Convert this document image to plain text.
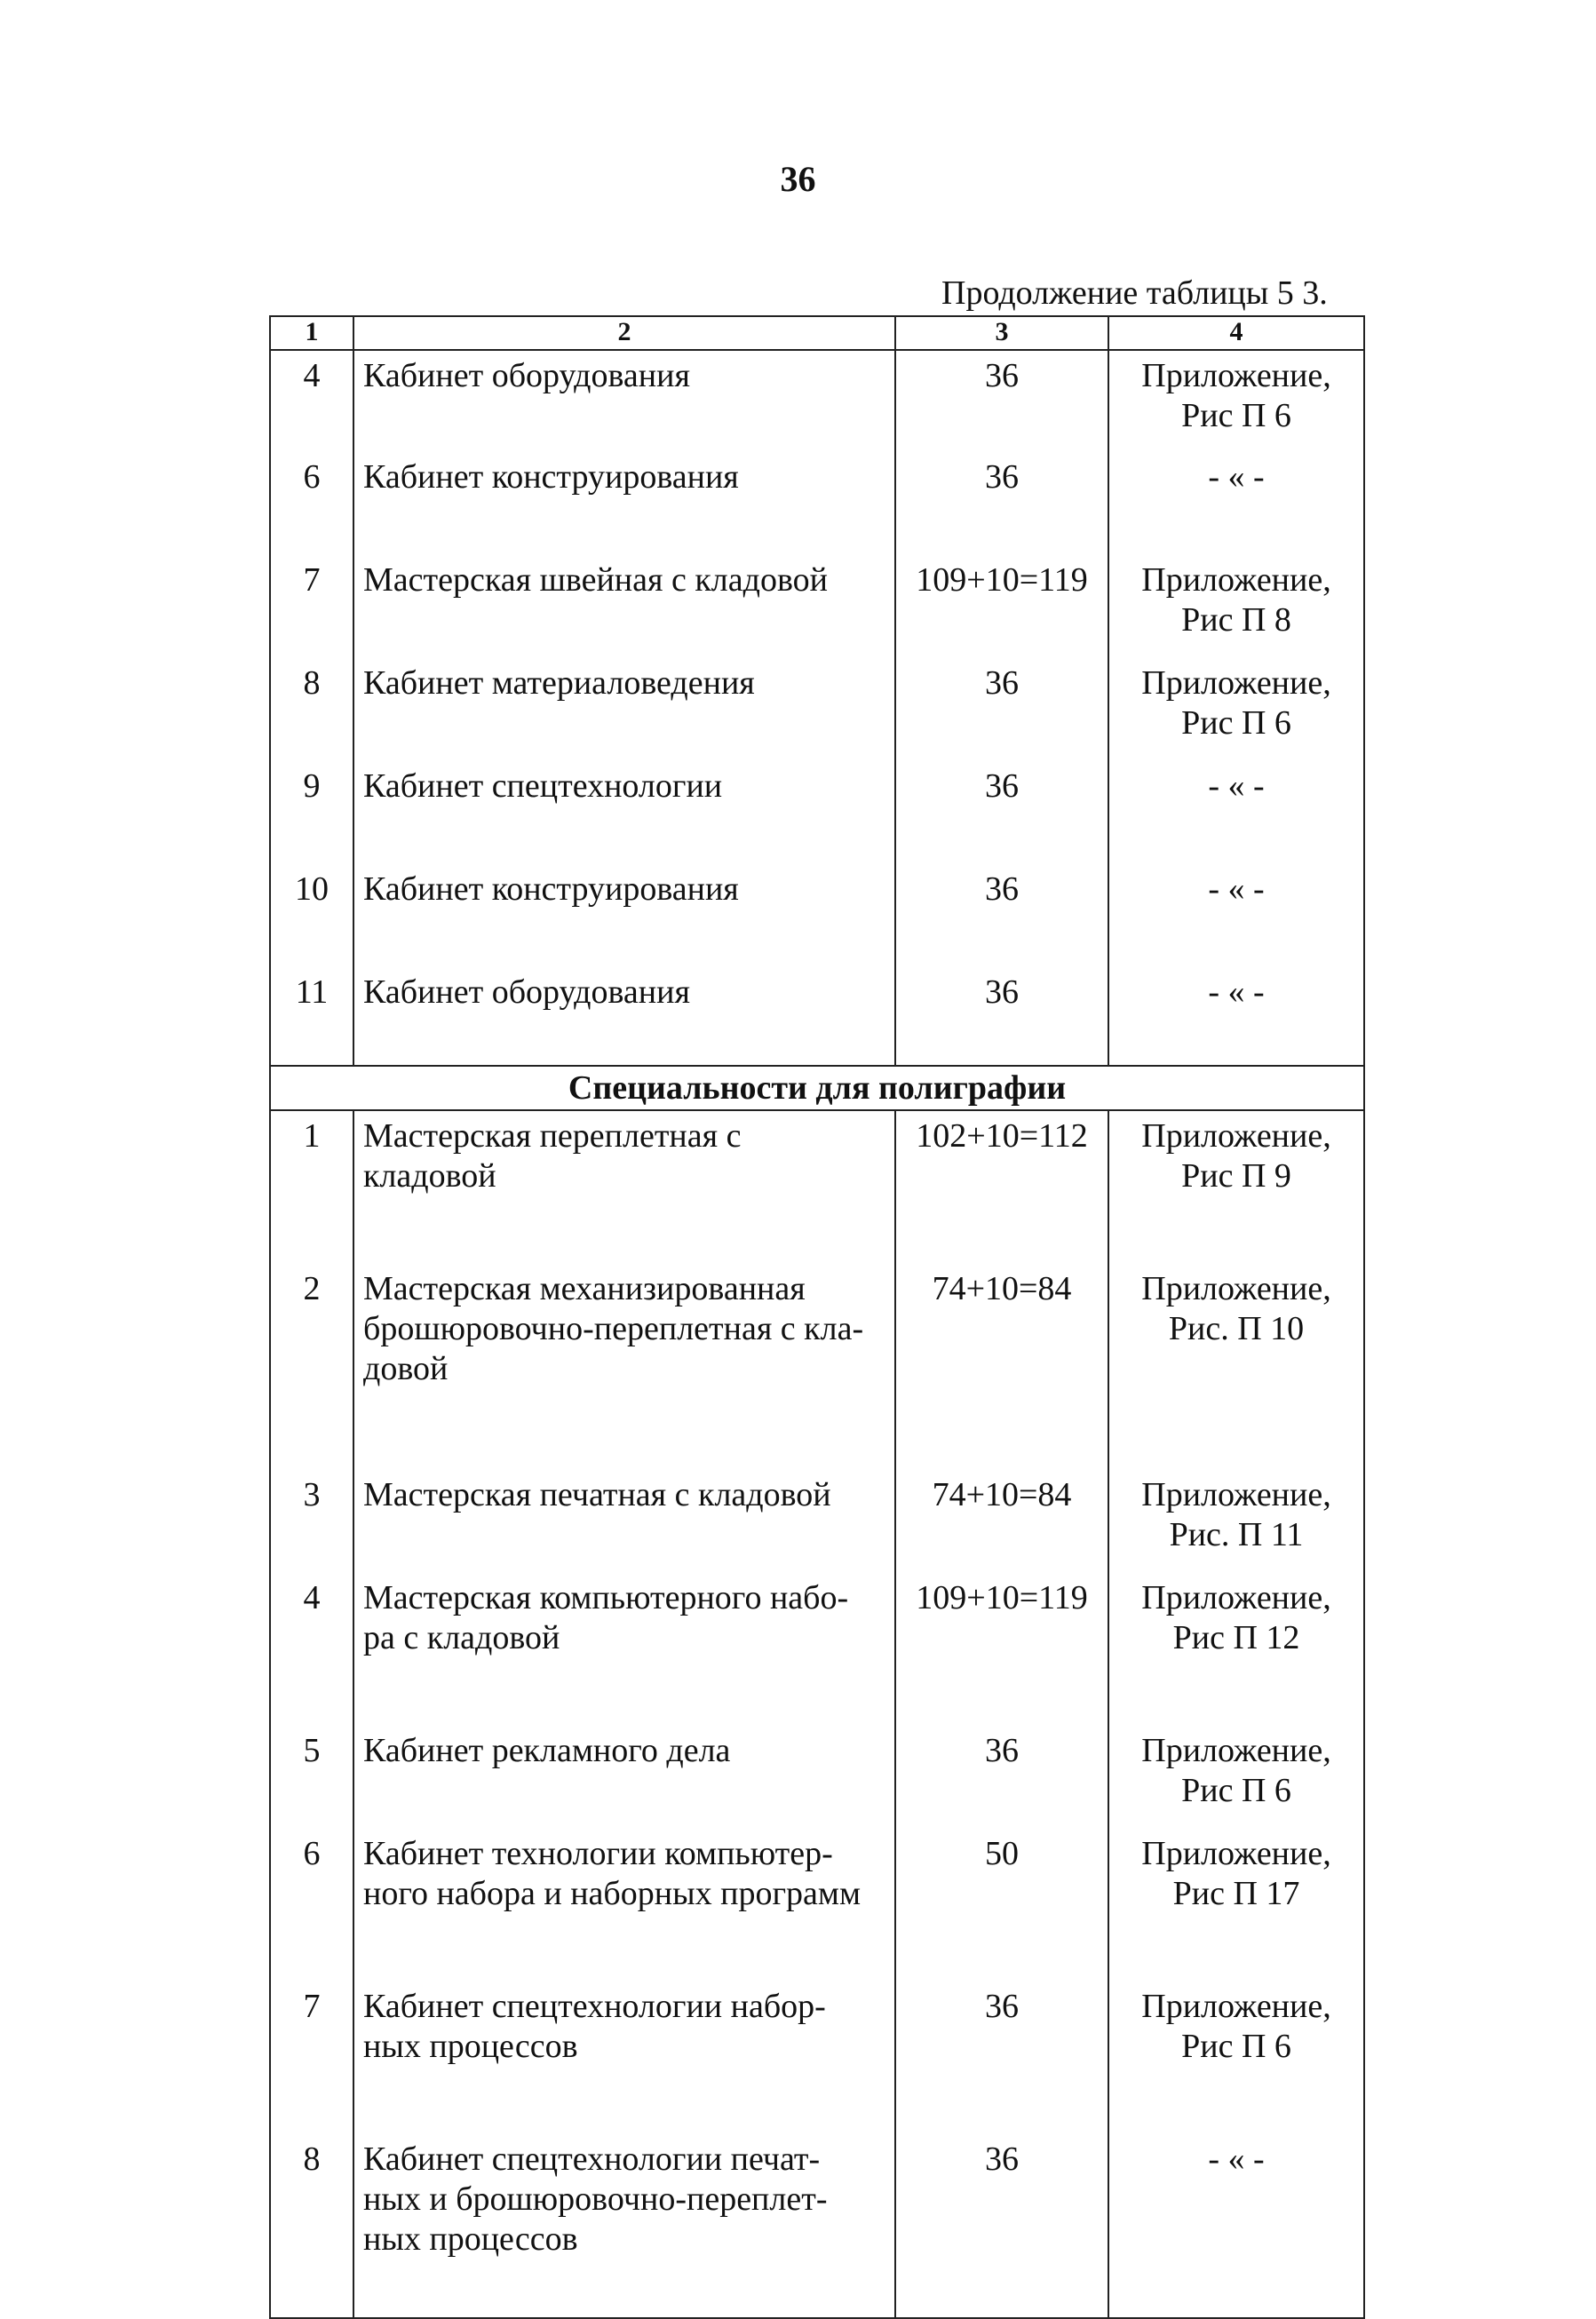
36
Продолжение таблицы 5 3.
1	2	3	4
4	Кабинет оборудования	36	Приложение,
Рис П 6

6	Кабинет конструирования	36	- « -

7	Мастерская швейная с кладовой	109+10=119	Приложение,
Рис П 8

8	Кабинет материаловедения	36	Приложение,
Рис П 6

9	Кабинет спецтехнологии	36	- « -

10	Кабинет конструирования	36	- « -

11	Кабинет оборудования	36	- « -

Специальности для полиграфии			
1	Мастерская переплетная с
кладовой	102+10=112	Приложение,
Рис П 9

2	Мастерская механизированная
брошюровочно-переплетная с кла-
довой	74+10=84	Приложение,
Рис. П 10

3	Мастерская печатная с кладовой	74+10=84	Приложение,
Рис. П 11

4	Мастерская компьютерного набо-
ра с кладовой	109+10=119	Приложение,
Рис П 12

5	Кабинет рекламного дела	36	Приложение,
Рис П 6

6	Кабинет технологии компьютер-
ного набора и наборных программ	50	Приложение,
Рис П 17

7	Кабинет спецтехнологии набор-
ных процессов	36	Приложение,
Рис П 6

8	Кабинет спецтехнологии печат-
ных и брошюровочно-переплет-
ных процессов	36	- « -
